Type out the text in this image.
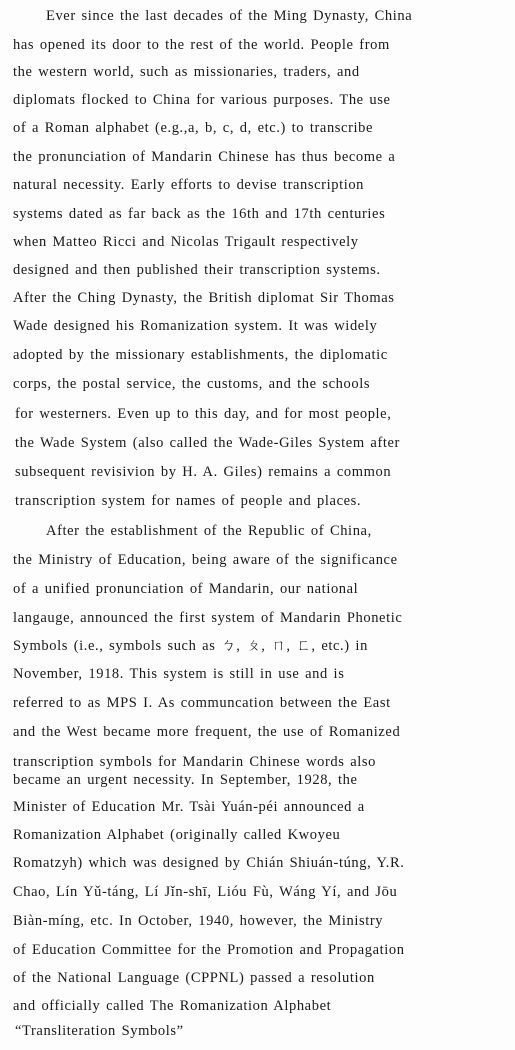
Ever since the last decades of the Ming Dynasty, China
has opened its door to the rest of the world. People from
the western world, such as missionaries, traders, and
diplomats flocked to China for various purposes. The use
of a Roman alphabet (e.g.,a, b, c, d, etc.) to transcribe
the pronunciation of Mandarin Chinese has thus become a
natural necessity. Early efforts to devise transcription
systems dated as far back as the 16th and 17th centuries
when Matteo Ricci and Nicolas Trigault respectively
designed and then published their transcription systems.
After the Ching Dynasty, the British diplomat Sir Thomas
Wade designed his Romanization system. It was widely
adopted by the missionary establishments, the diplomatic
corps, the postal service, the customs, and the schools
for westerners. Even up to this day, and for most people,
the Wade System (also called the Wade-Giles System after
subsequent revisivion by H. A. Giles) remains a common
transcription system for names of people and places.
After the establishment of the Republic of China,
the Ministry of Education, being aware of the significance
of a unified pronunciation of Mandarin, our national
langauge, announced the first system of Mandarin Phonetic
Symbols (i.e., symbols such as ㄅ, ㄆ, ㄇ, ㄈ, etc.) in
November, 1918. This system is still in use and is
referred to as MPS I. As communcation between the East
and the West became more frequent, the use of Romanized
transcription symbols for Mandarin Chinese words also
became an urgent necessity. In September, 1928, the
Minister of Education Mr. Tsài Yuán-péi announced a
Romanization Alphabet (originally called Kwoyeu
Romatzyh) which was designed by Chián Shiuán-túng, Y.R.
Chao, Lín Yǔ-táng, Lí Jǐn-shī, Lióu Fù, Wáng Yí, and Jōu
Biàn-míng, etc. In October, 1940, however, the Ministry
of Education Committee for the Promotion and Propagation
of the National Language (CPPNL) passed a resolution
and officially called The Romanization Alphabet
“Transliteration Symbols”
